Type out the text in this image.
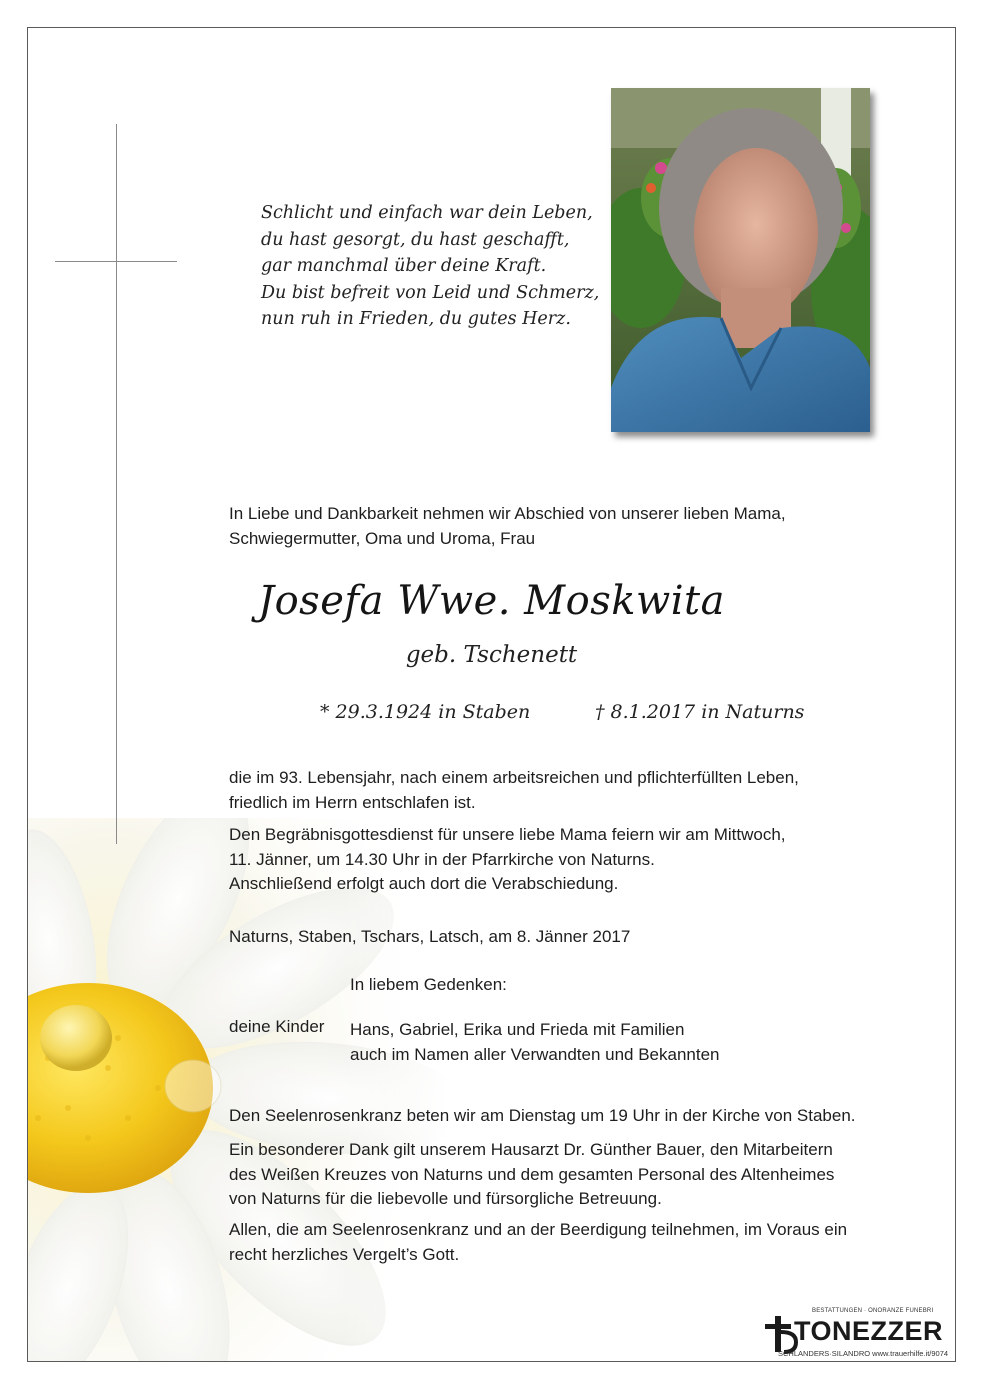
Schlicht und einfach war dein Leben,
du hast gesorgt, du hast geschafft,
gar manchmal über deine Kraft.
Du bist befreit von Leid und Schmerz,
nun ruh in Frieden, du gutes Herz.
In Liebe und Dankbarkeit nehmen wir Abschied von unserer lieben Mama,
Schwiegermutter, Oma und Uroma, Frau
Josefa Wwe. Moskwita
geb. Tschenett
* 29.3.1924 in Staben	† 8.1.2017 in Naturns
die im 93. Lebensjahr, nach einem arbeitsreichen und pflichterfüllten Leben,
friedlich im Herrn entschlafen ist.
Den Begräbnisgottesdienst für unsere liebe Mama feiern wir am Mittwoch,
11. Jänner, um 14.30 Uhr in der Pfarrkirche von Naturns.
Anschließend erfolgt auch dort die Verabschiedung.
Naturns, Staben, Tschars, Latsch, am 8. Jänner 2017
In liebem Gedenken:
deine Kinder Hans, Gabriel, Erika und Frieda mit Familien
auch im Namen aller Verwandten und Bekannten
Den Seelenrosenkranz beten wir am Dienstag um 19 Uhr in der Kirche von Staben.
Ein besonderer Dank gilt unserem Hausarzt Dr. Günther Bauer, den Mitarbeitern
des Weißen Kreuzes von Naturns und dem gesamten Personal des Altenheimes
von Naturns für die liebevolle und fürsorgliche Betreuung.
Allen, die am Seelenrosenkranz und an der Beerdigung teilnehmen, im Voraus ein
recht herzliches Vergelt’s Gott.
BESTATTUNGEN · ONORANZE FUNEBRI
TONEZZER
SCHLANDERS·SILANDRO www.trauerhilfe.it/9074
